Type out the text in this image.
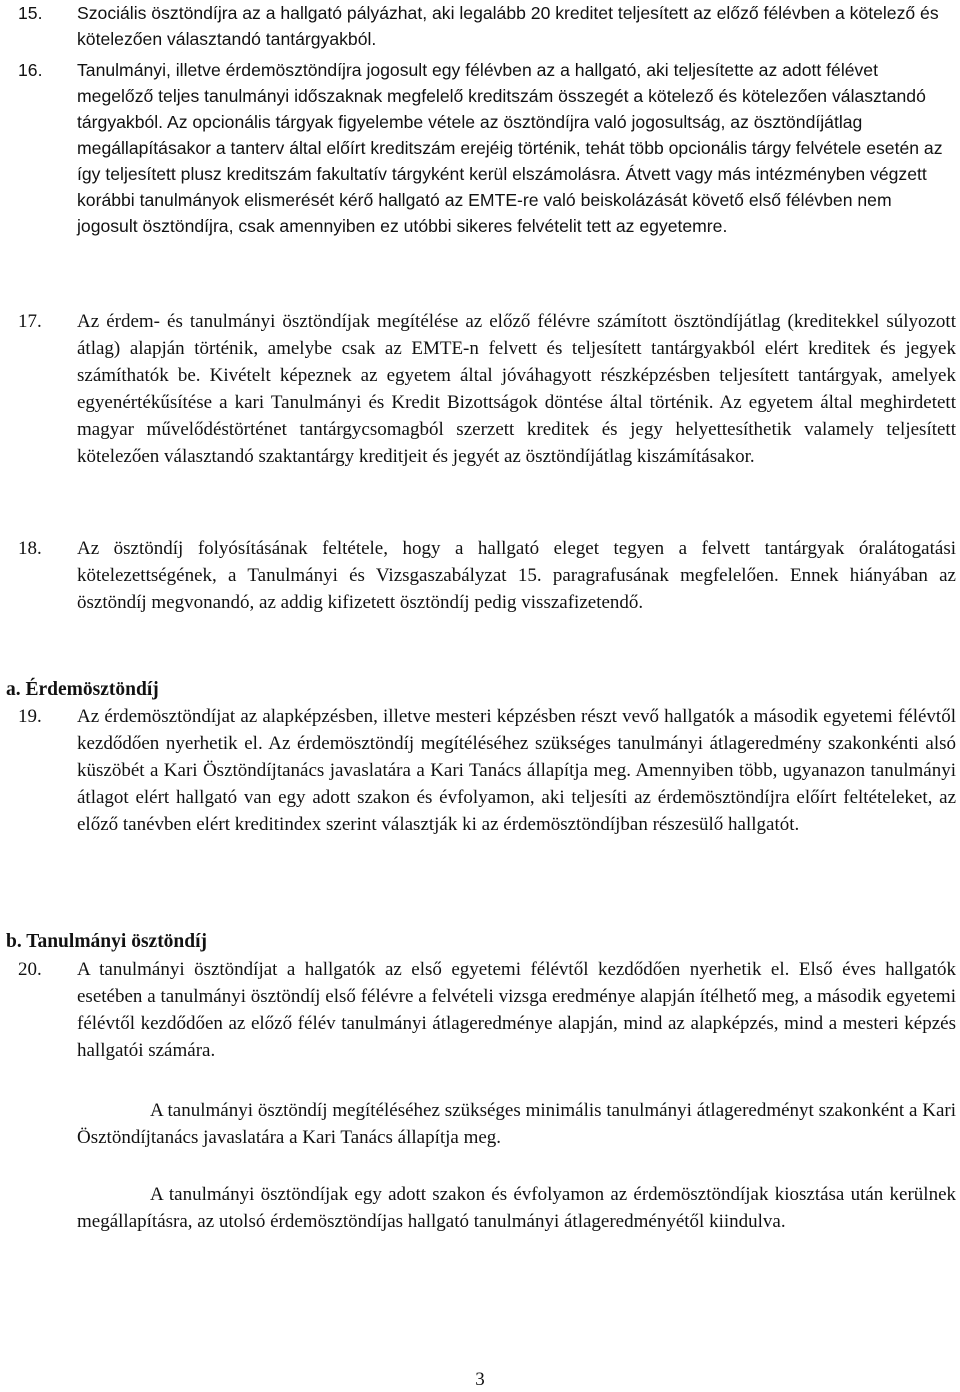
15. Szociális ösztöndíjra az a hallgató pályázhat, aki legalább 20 kreditet teljesített az előző félévben a kötelező és kötelezően választandó tantárgyakból.
16. Tanulmányi, illetve érdemösztöndíjra jogosult egy félévben az a hallgató, aki teljesítette az adott félévet megelőző teljes tanulmányi időszaknak megfelelő kreditszám összegét a kötelező és kötelezően választandó tárgyakból. Az opcionális tárgyak figyelembe vétele az ösztöndíjra való jogosultság, az ösztöndíjátlag megállapításakor a tanterv által előírt kreditszám erejéig történik, tehát több opcionális tárgy felvétele esetén az így teljesített plusz kreditszám fakultatív tárgyként kerül elszámolásra. Átvett vagy más intézményben végzett korábbi tanulmányok elismerését kérő hallgató az EMTE-re való beiskolázását követő első félévben nem jogosult ösztöndíjra, csak amennyiben ez utóbbi sikeres felvételit tett az egyetemre.
17. Az érdem- és tanulmányi ösztöndíjak megítélése az előző félévre számított ösztöndíjátlag (kreditekkel súlyozott átlag) alapján történik, amelybe csak az EMTE-n felvett és teljesített tantárgyakból elért kreditek és jegyek számíthatók be. Kivételt képeznek az egyetem által jóváhagyott részképzésben teljesített tantárgyak, amelyek egyenértékűsítése a kari Tanulmányi és Kredit Bizottságok döntése által történik. Az egyetem által meghirdetett magyar művelődéstörténet tantárgycsomagból szerzett kreditek és jegy helyettesíthetik valamely teljesített kötelezően választandó szaktantárgy kreditjeit és jegyét az ösztöndíjátlag kiszámításakor.
18. Az ösztöndíj folyósításának feltétele, hogy a hallgató eleget tegyen a felvett tantárgyak óralátogatási kötelezettségének, a Tanulmányi és Vizsgaszabályzat 15. paragrafusának megfelelően. Ennek hiányában az ösztöndíj megvonandó, az addig kifizetett ösztöndíj pedig visszafizetendő.
a. Érdemösztöndíj
19. Az érdemösztöndíjat az alapképzésben, illetve mesteri képzésben részt vevő hallgatók a második egyetemi félévtől kezdődően nyerhetik el. Az érdemösztöndíj megítéléséhez szükséges tanulmányi átlageredmény szakonkénti alsó küszöbét a Kari Ösztöndíjtanács javaslatára a Kari Tanács állapítja meg. Amennyiben több, ugyanazon tanulmányi átlagot elért hallgató van egy adott szakon és évfolyamon, aki teljesíti az érdemösztöndíjra előírt feltételeket, az előző tanévben elért kreditindex szerint választják ki az érdemösztöndíjban részesülő hallgatót.
b. Tanulmányi ösztöndíj
20. A tanulmányi ösztöndíjat a hallgatók az első egyetemi félévtől kezdődően nyerhetik el. Első éves hallgatók esetében a tanulmányi ösztöndíj első félévre a felvételi vizsga eredménye alapján ítélhető meg, a második egyetemi félévtől kezdődően az előző félév tanulmányi átlageredménye alapján, mind az alapképzés, mind a mesteri képzés hallgatói számára.
A tanulmányi ösztöndíj megítéléséhez szükséges minimális tanulmányi átlageredményt szakonként a Kari Ösztöndíjtanács javaslatára a Kari Tanács állapítja meg.
A tanulmányi ösztöndíjak egy adott szakon és évfolyamon az érdemösztöndíjak kiosztása után kerülnek megállapításra, az utolsó érdemösztöndíjas hallgató tanulmányi átlageredményétől kiindulva.
3
